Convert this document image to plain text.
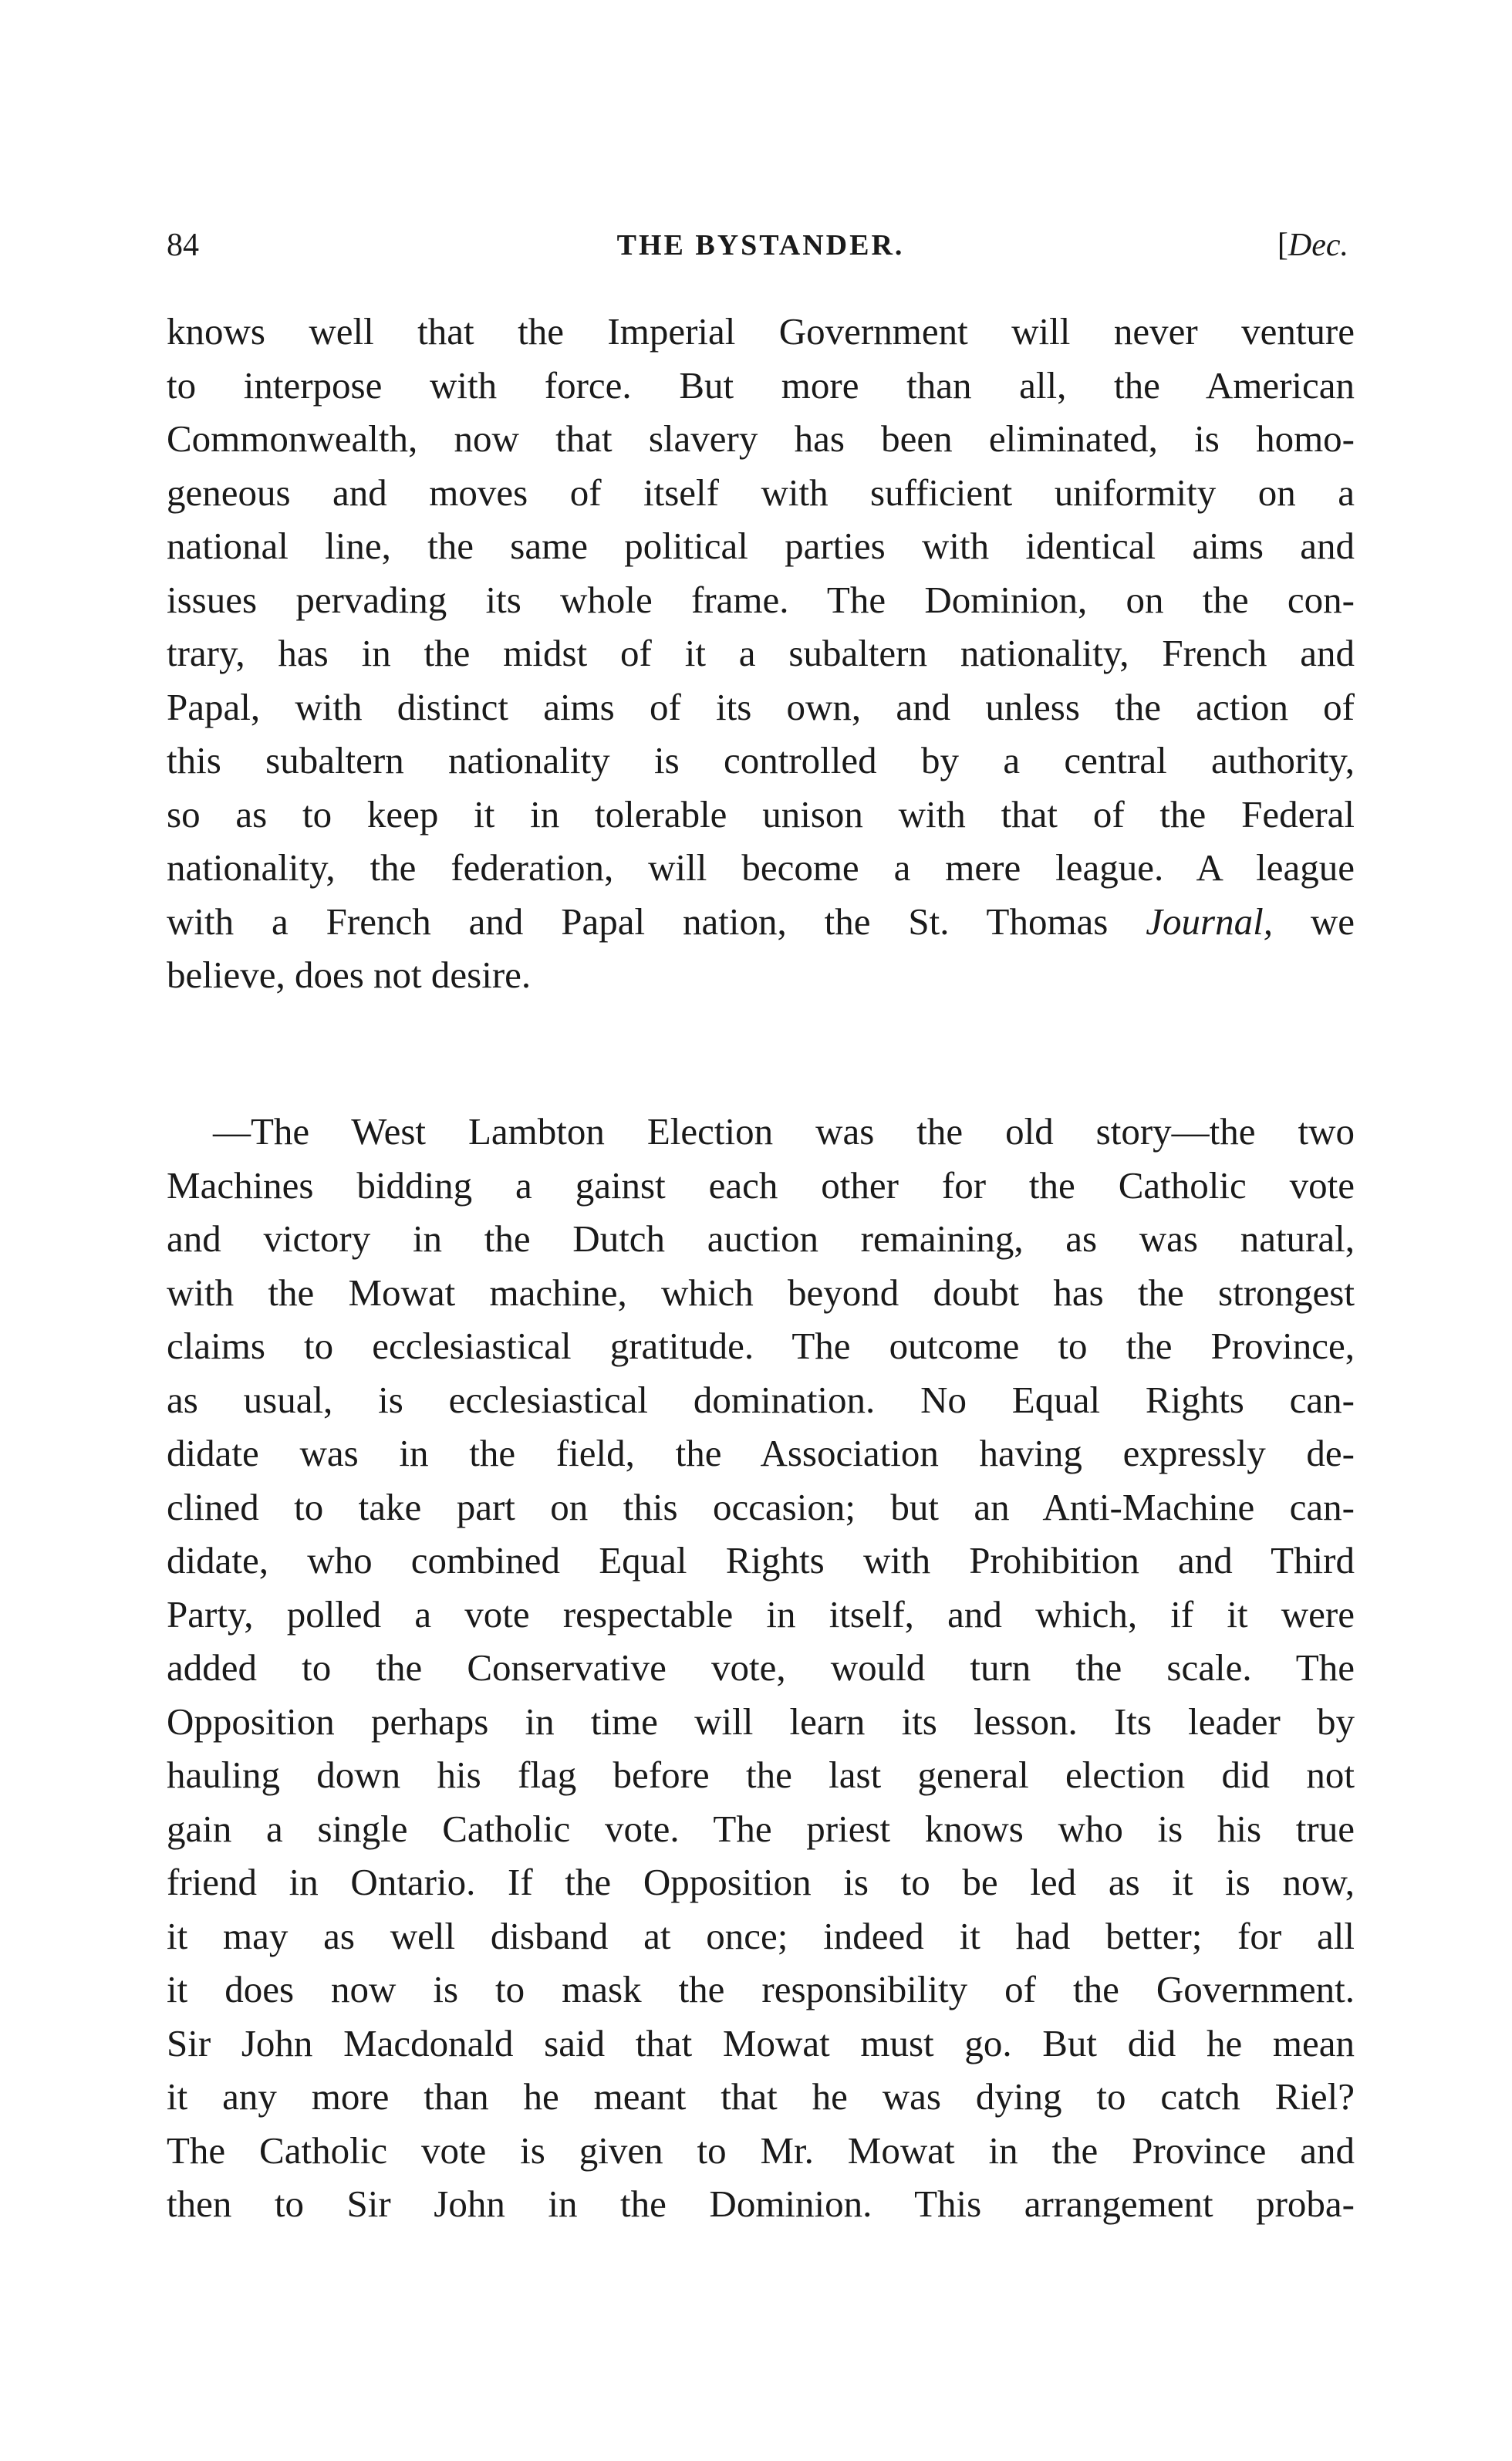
84	THE BYSTANDER.	[Dec.
knows well that the Imperial Government will never venture
to interpose with force. But more than all, the American
Commonwealth, now that slavery has been eliminated, is homo-
geneous and moves of itself with sufficient uniformity on a
national line, the same political parties with identical aims and
issues pervading its whole frame. The Dominion, on the con-
trary, has in the midst of it a subaltern nationality, French and
Papal, with distinct aims of its own, and unless the action of
this subaltern nationality is controlled by a central authority,
so as to keep it in tolerable unison with that of the Federal
nationality, the federation, will become a mere league. A league
with a French and Papal nation, the St. Thomas Journal, we
believe, does not desire.
—The West Lambton Election was the old story—the two
Machines bidding a gainst each other for the Catholic vote
and victory in the Dutch auction remaining, as was natural,
with the Mowat machine, which beyond doubt has the strongest
claims to ecclesiastical gratitude. The outcome to the Province,
as usual, is ecclesiastical domination. No Equal Rights can-
didate was in the field, the Association having expressly de-
clined to take part on this occasion; but an Anti-Machine can-
didate, who combined Equal Rights with Prohibition and Third
Party, polled a vote respectable in itself, and which, if it were
added to the Conservative vote, would turn the scale. The
Opposition perhaps in time will learn its lesson. Its leader by
hauling down his flag before the last general election did not
gain a single Catholic vote. The priest knows who is his true
friend in Ontario. If the Opposition is to be led as it is now,
it may as well disband at once; indeed it had better; for all
it does now is to mask the responsibility of the Government.
Sir John Macdonald said that Mowat must go. But did he mean
it any more than he meant that he was dying to catch Riel?
The Catholic vote is given to Mr. Mowat in the Province and
then to Sir John in the Dominion. This arrangement proba-
